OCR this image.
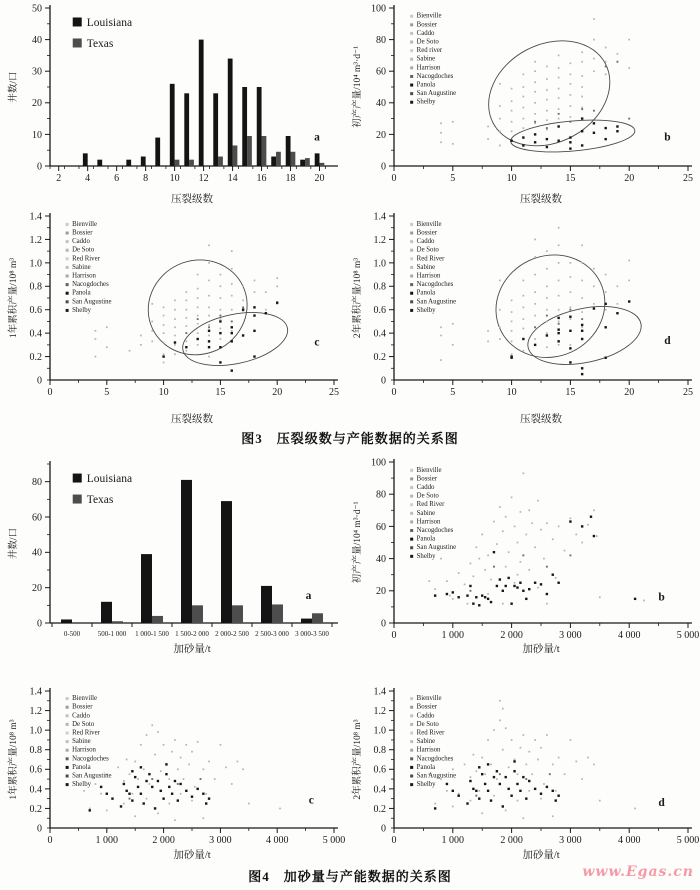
0
10
20
30
40
50
2 4 6 8 10 12 14 16 18 20
Louisiana
Texas
a
压裂级数
井数/口
0
20
40
60
80
100
0	5	10	15	20	25
Bienville
Bossier
Caddo
De Soto
Red river
Sabine
Harrison
Nacogdoches
Panola
San Augustine
Shelby
b
压裂级数
初产产量/10⁴ m³·d⁻¹
0.2
0.4
0.6
0.8
1.0
1.2
1.4
0
0	5	10	15	20	25
Bienville
Bossier
Caddo
De Soto
Red River
Sabine
Harrison
Nacogdoches
Panola
San Augustine
Shelby
c
压裂级数
1年累积产量/10⁸ m³
0.2
0.4
0.6
0.8
1.0
1.2
1.4
0
0	5	10	15	20	25
Bienville
Bossier
Caddo
De Soto
Red River
Sabine
Harrison
Nacogdoches
Panola
San Augustine
Shelby
d
压裂级数
2年累积产量/10⁸ m³
图3 压裂级数与产能数据的关系图
0
20
40
60
80
0-500	500-1 000 1 000-1 500 1 500-2 000 2 000-2 500 2 500-3 000 3 000-3 500
Louisiana
Texas
a
加砂量/t
井数/口
0
20
40
60
80
100
0	1 000	2 000	3 000	4 000	5 000
Bienville
Bossier
Caddo
De Soto
Red River
Sabine
Harrison
Nacogdoches
Panola
San Augustine
Shelby
b
加砂量/t
初产产量/10⁴ m³·d⁻¹
0.2
0.4
0.6
0.8
1.0
1.2
1.4
0
0	1 000	2 000	3 000	4 000	5 000
Bienville
Bossier
Caddo
De Soto
Red River
Sabine
Harrison
Nacogdoches
Panola
San Augustine
Shelby
c
加砂量/t
1年累积产量/10⁸ m³
0.2
0.4
0.6
0.8
1.0
1.2
1.4
0
0	1 000	2 000	3 000	4 000	5 000
Bienville
Bossier
Caddo
De Soto
Red River
Sabine
Harrison
Nacogdoches
Panola
San Augustine
Shelby
d
加砂量/t
2年累积产量/10⁸ m³
图4 加砂量与产能数据的关系图	www.Egas.cn
